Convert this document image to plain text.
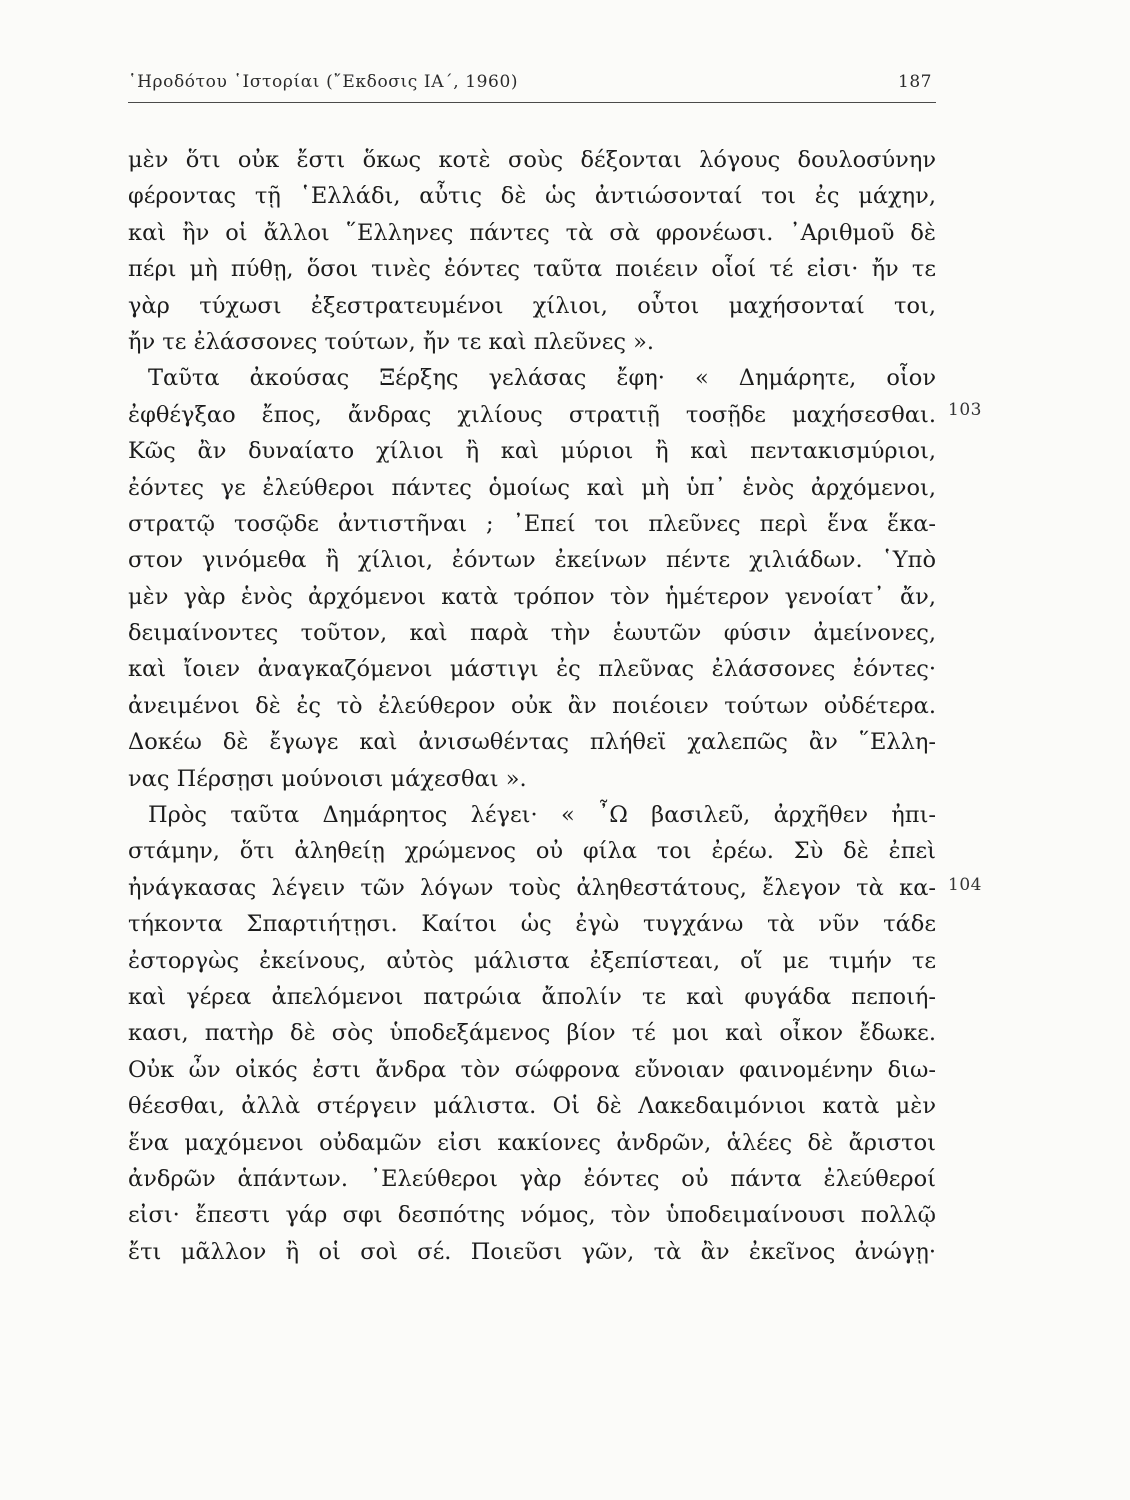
῾Ηροδότου ῾Ιστορίαι (῎Εκδοσις ΙΑ΄, 1960)	187
μὲν ὅτι οὐκ ἔστι ὅκως κοτὲ σοὺς δέξονται λόγους δουλοσύνην
φέροντας τῇ ῾Ελλάδι, αὖτις δὲ ὡς ἀντιώσονταί τοι ἐς μάχην,
καὶ ἢν οἱ ἄλλοι ῞Ελληνες πάντες τὰ σὰ φρονέωσι. ᾿Αριθμοῦ δὲ
πέρι μὴ πύθῃ, ὅσοι τινὲς ἐόντες ταῦτα ποιέειν οἷοί τέ εἰσι· ἤν τε
γὰρ τύχωσι ἐξεστρατευμένοι χίλιοι, οὗτοι μαχήσονταί τοι,
ἤν τε ἐλάσσονες τούτων, ἤν τε καὶ πλεῦνες ».
Ταῦτα ἀκούσας Ξέρξης γελάσας ἔφη· « Δημάρητε, οἷον
ἐφθέγξαο ἔπος, ἄνδρας χιλίους στρατιῇ τοσῇδε μαχήσεσθαι.
Κῶς ἂν δυναίατο χίλιοι ἢ καὶ μύριοι ἢ καὶ πεντακισμύριοι,
ἐόντες γε ἐλεύθεροι πάντες ὁμοίως καὶ μὴ ὑπ᾿ ἑνὸς ἀρχόμενοι,
στρατῷ τοσῷδε ἀντιστῆναι ; ᾿Επεί τοι πλεῦνες περὶ ἕνα ἕκα-
στον γινόμεθα ἢ χίλιοι, ἐόντων ἐκείνων πέντε χιλιάδων. ῾Υπὸ
μὲν γὰρ ἑνὸς ἀρχόμενοι κατὰ τρόπον τὸν ἡμέτερον γενοίατ᾿ ἄν,
δειμαίνοντες τοῦτον, καὶ παρὰ τὴν ἑωυτῶν φύσιν ἀμείνονες,
καὶ ἴοιεν ἀναγκαζόμενοι μάστιγι ἐς πλεῦνας ἐλάσσονες ἐόντες·
ἀνειμένοι δὲ ἐς τὸ ἐλεύθερον οὐκ ἂν ποιέοιεν τούτων οὐδέτερα.
Δοκέω δὲ ἔγωγε καὶ ἀνισωθέντας πλήθεϊ χαλεπῶς ἂν ῞Ελλη-
νας Πέρσῃσι μούνοισι μάχεσθαι ».
Πρὸς ταῦτα Δημάρητος λέγει· « ῏Ω βασιλεῦ, ἀρχῆθεν ἠπι-
στάμην, ὅτι ἀληθείῃ χρώμενος οὐ φίλα τοι ἐρέω. Σὺ δὲ ἐπεὶ
ἠνάγκασας λέγειν τῶν λόγων τοὺς ἀληθεστάτους, ἔλεγον τὰ κα-
τήκοντα Σπαρτιήτῃσι. Καίτοι ὡς ἐγὼ τυγχάνω τὰ νῦν τάδε
ἐστοργὼς ἐκείνους, αὐτὸς μάλιστα ἐξεπίστεαι, οἵ με τιμήν τε
καὶ γέρεα ἀπελόμενοι πατρώια ἄπολίν τε καὶ φυγάδα πεποιή-
κασι, πατὴρ δὲ σὸς ὑποδεξάμενος βίον τέ μοι καὶ οἶκον ἔδωκε.
Οὐκ ὦν οἰκός ἐστι ἄνδρα τὸν σώφρονα εὔνοιαν φαινομένην διω-
θέεσθαι, ἀλλὰ στέργειν μάλιστα. Οἱ δὲ Λακεδαιμόνιοι κατὰ μὲν
ἕνα μαχόμενοι οὐδαμῶν εἰσι κακίονες ἀνδρῶν, ἁλέες δὲ ἄριστοι
ἀνδρῶν ἁπάντων. ᾿Ελεύθεροι γὰρ ἐόντες οὐ πάντα ἐλεύθεροί
εἰσι· ἔπεστι γάρ σφι δεσπότης νόμος, τὸν ὑποδειμαίνουσι πολλῷ
ἔτι μᾶλλον ἢ οἱ σοὶ σέ. Ποιεῦσι γῶν, τὰ ἂν ἐκεῖνος ἀνώγῃ·
103
104
